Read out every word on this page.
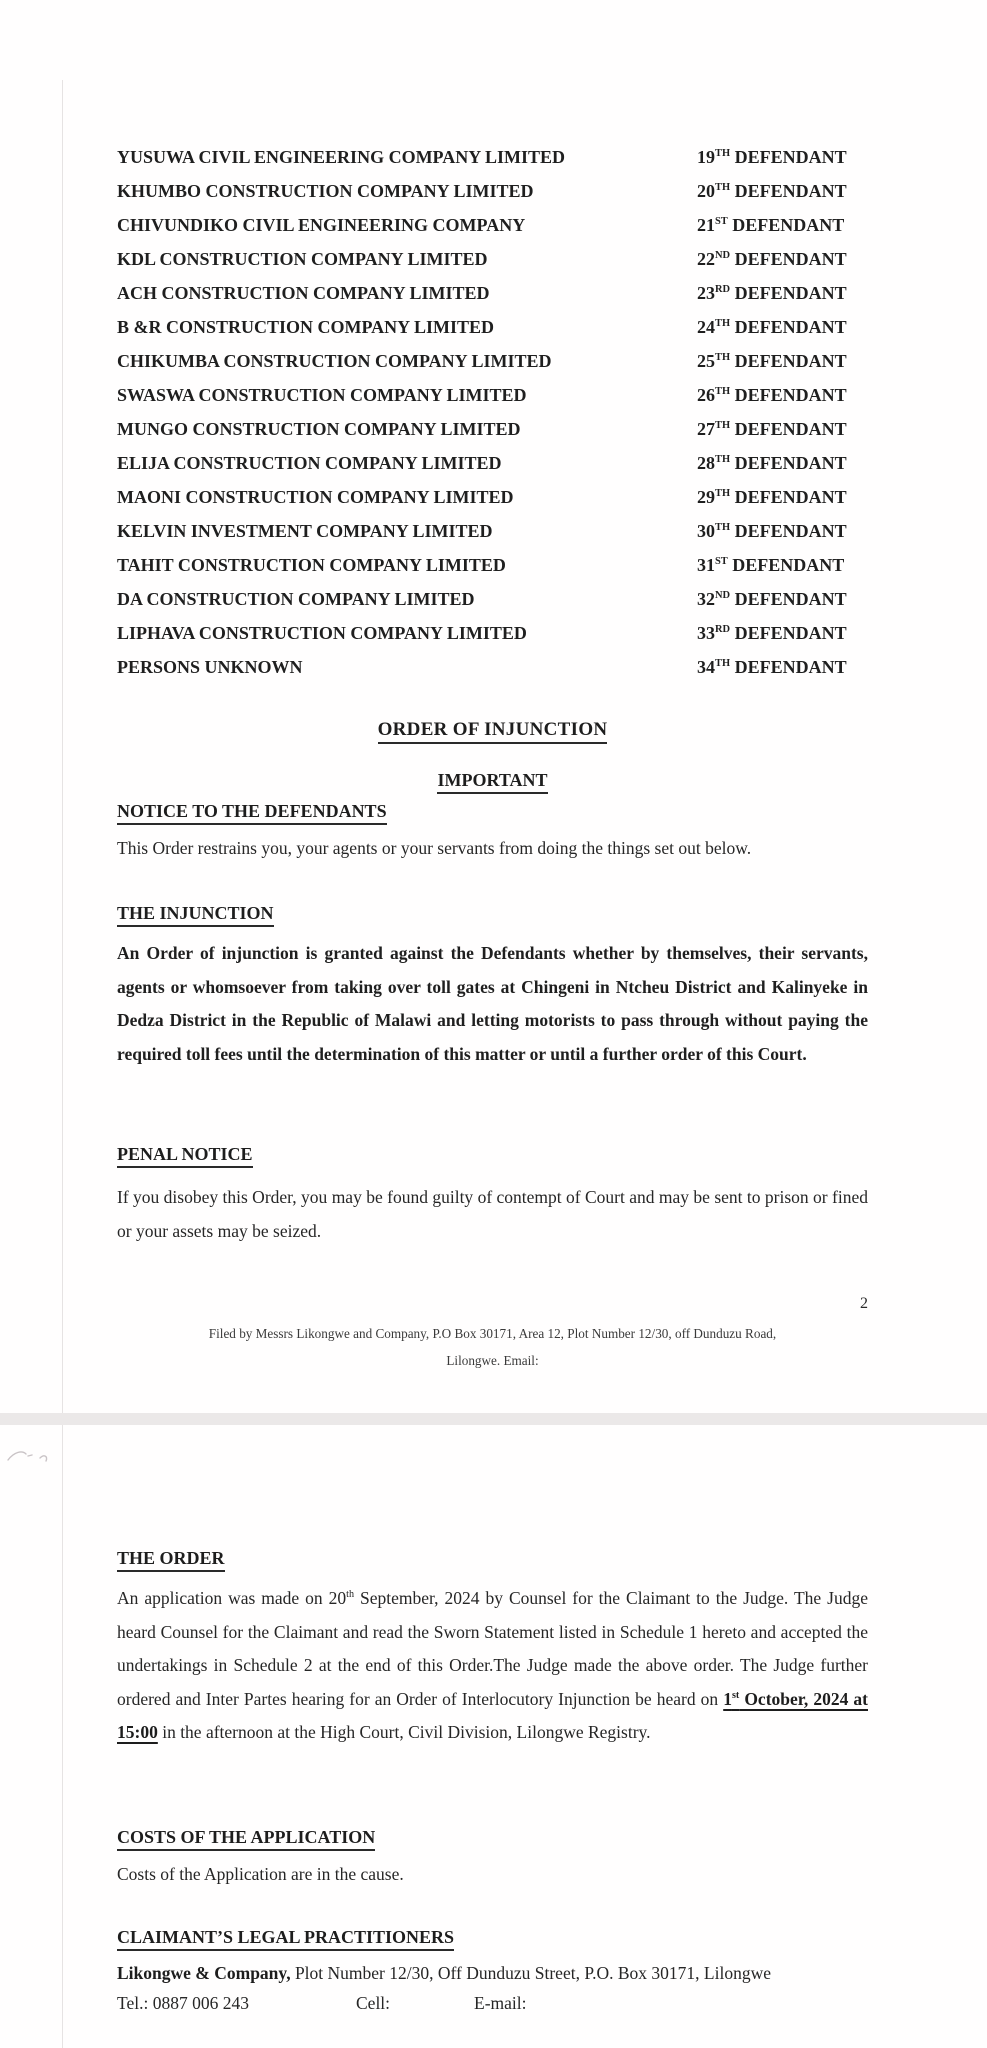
YUSUWA CIVIL ENGINEERING COMPANY LIMITED	19TH DEFENDANT
KHUMBO CONSTRUCTION COMPANY LIMITED	20TH DEFENDANT
CHIVUNDIKO CIVIL ENGINEERING COMPANY	21ST DEFENDANT
KDL CONSTRUCTION COMPANY LIMITED	22ND DEFENDANT
ACH CONSTRUCTION COMPANY LIMITED	23RD DEFENDANT
B &R CONSTRUCTION COMPANY LIMITED	24TH DEFENDANT
CHIKUMBA CONSTRUCTION COMPANY LIMITED	25TH DEFENDANT
SWASWA CONSTRUCTION COMPANY LIMITED	26TH DEFENDANT
MUNGO CONSTRUCTION COMPANY LIMITED	27TH DEFENDANT
ELIJA CONSTRUCTION COMPANY LIMITED	28TH DEFENDANT
MAONI CONSTRUCTION COMPANY LIMITED	29TH DEFENDANT
KELVIN INVESTMENT COMPANY LIMITED	30TH DEFENDANT
TAHIT CONSTRUCTION COMPANY LIMITED	31ST DEFENDANT
DA CONSTRUCTION COMPANY LIMITED	32ND DEFENDANT
LIPHAVA CONSTRUCTION COMPANY LIMITED	33RD DEFENDANT
PERSONS UNKNOWN	34TH DEFENDANT
ORDER OF INJUNCTION
IMPORTANT
NOTICE TO THE DEFENDANTS
This Order restrains you, your agents or your servants from doing the things set out below.
THE INJUNCTION
An Order of injunction is granted against the Defendants whether by themselves, their servants, agents or whomsoever from taking over toll gates at Chingeni in Ntcheu District and Kalinyeke in Dedza District in the Republic of Malawi and letting motorists to pass through without paying the required toll fees until the determination of this matter or until a further order of this Court.
PENAL NOTICE
If you disobey this Order, you may be found guilty of contempt of Court and may be sent to prison or fined or your assets may be seized.
2
Filed by Messrs Likongwe and Company, P.O Box 30171, Area 12, Plot Number 12/30, off Dunduzu Road,
Lilongwe. Email:
THE ORDER
An application was made on 20th September, 2024 by Counsel for the Claimant to the Judge. The Judge heard Counsel for the Claimant and read the Sworn Statement listed in Schedule 1 hereto and accepted the undertakings in Schedule 2 at the end of this Order.The Judge made the above order. The Judge further ordered and Inter Partes hearing for an Order of Interlocutory Injunction be heard on 1st October, 2024 at 15:00 in the afternoon at the High Court, Civil Division, Lilongwe Registry.
COSTS OF THE APPLICATION
Costs of the Application are in the cause.
CLAIMANT’S LEGAL PRACTITIONERS
Likongwe & Company, Plot Number 12/30, Off Dunduzu Street, P.O. Box 30171, Lilongwe
Tel.: 0887 006 243	Cell:	E-mail:
